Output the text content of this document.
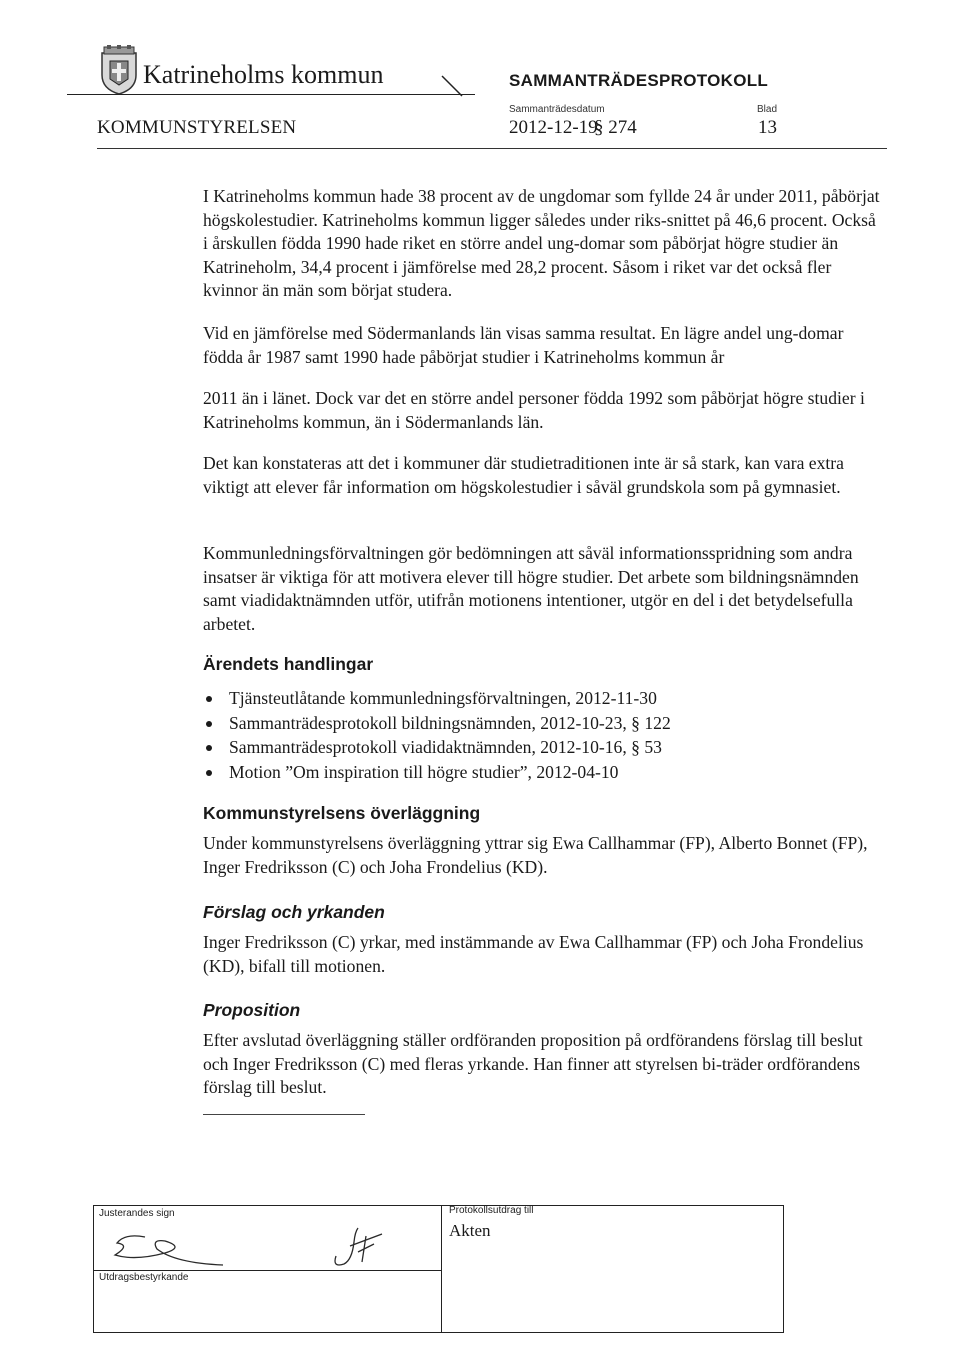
Katrineholms kommun	SAMMANTRÄDESPROTOKOLL
Sammanträdesdatum	Blad
KOMMUNSTYRELSEN	2012-12-19
§ 274	13

I Katrineholms kommun hade 38 procent av de ungdomar som fyllde 24 år under 2011, påbörjat högskolestudier. Katrineholms kommun ligger således under riks-snittet på 46,6 procent. Också i årskullen födda 1990 hade riket en större andel ung-domar som påbörjat högre studier än Katrineholm, 34,4 procent i jämförelse med 28,2 procent. Såsom i riket var det också fler kvinnor än män som börjat studera.

Vid en jämförelse med Södermanlands län visas samma resultat. En lägre andel ung-domar födda år 1987 samt 1990 hade påbörjat studier i Katrineholms kommun år

2011 än i länet. Dock var det en större andel personer födda 1992 som påbörjat högre studier i Katrineholms kommun, än i Södermanlands län.

Det kan konstateras att det i kommuner där studietraditionen inte är så stark, kan vara extra viktigt att elever får information om högskolestudier i såväl grundskola som på gymnasiet.

Kommunledningsförvaltningen gör bedömningen att såväl informationsspridning som andra insatser är viktiga för att motivera elever till högre studier. Det arbete som bildningsnämnden samt viadidaktnämnden utför, utifrån motionens intentioner, utgör en del i det betydelsefulla arbetet.

Ärendets handlingar
Tjänsteutlåtande kommunledningsförvaltningen, 2012-11-30
Sammanträdesprotokoll bildningsnämnden, 2012-10-23, § 122
Sammanträdesprotokoll viadidaktnämnden, 2012-10-16, § 53
Motion ”Om inspiration till högre studier”, 2012-04-10
Kommunstyrelsens överläggning

Under kommunstyrelsens överläggning yttrar sig Ewa Callhammar (FP), Alberto Bonnet (FP), Inger Fredriksson (C) och Joha Frondelius (KD).

Förslag och yrkanden

Inger Fredriksson (C) yrkar, med instämmande av Ewa Callhammar (FP) och Joha Frondelius (KD), bifall till motionen.

Proposition

Efter avslutad överläggning ställer ordföranden proposition på ordförandens förslag till beslut och Inger Fredriksson (C) med fleras yrkande. Han finner att styrelsen bi-träder ordförandens förslag till beslut.

Justerandes sign
Utdragsbestyrkande
Protokollsutdrag till
Akten
